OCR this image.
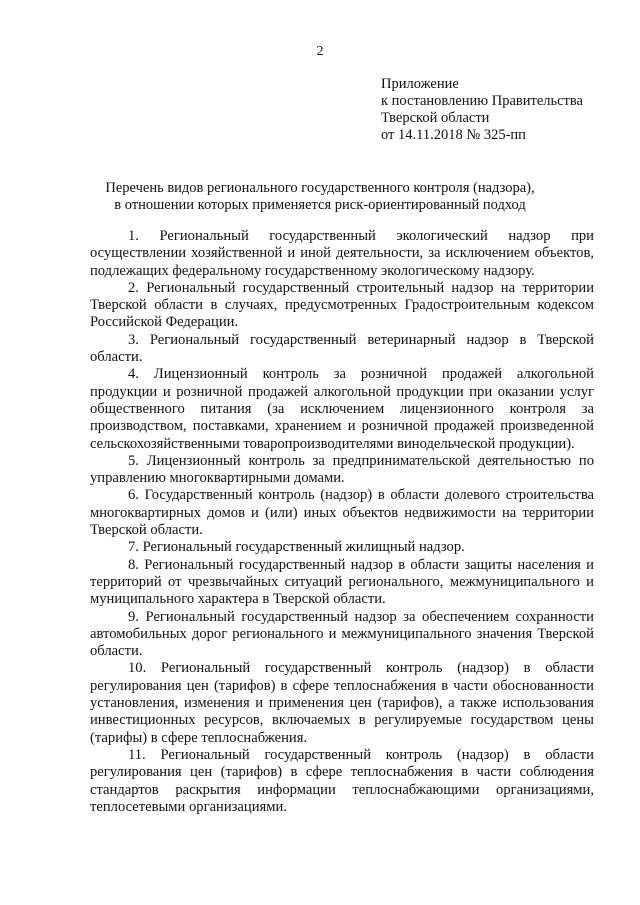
2

Приложение
к постановлению Правительства
Тверской области
от 14.11.2018 № 325-пп
Перечень видов регионального государственного контроля (надзора),
в отношении которых применяется риск-ориентированный подход
1. Региональный государственный экологический надзор при осуществлении хозяйственной и иной деятельности, за исключением объектов, подлежащих федеральному государственному экологическому надзору.
2. Региональный государственный строительный надзор на территории Тверской области в случаях, предусмотренных Градостроительным кодексом Российской Федерации.
3. Региональный государственный ветеринарный надзор в Тверской области.
4. Лицензионный контроль за розничной продажей алкогольной продукции и розничной продажей алкогольной продукции при оказании услуг общественного питания (за исключением лицензионного контроля за производством, поставками, хранением и розничной продажей произведенной сельскохозяйственными товаропроизводителями винодельческой продукции).
5. Лицензионный контроль за предпринимательской деятельностью по управлению многоквартирными домами.
6. Государственный контроль (надзор) в области долевого строительства многоквартирных домов и (или) иных объектов недвижимости на территории Тверской области.
7. Региональный государственный жилищный надзор.
8. Региональный государственный надзор в области защиты населения и территорий от чрезвычайных ситуаций регионального, межмуниципального и муниципального характера в Тверской области.
9. Региональный государственный надзор за обеспечением сохранности автомобильных дорог регионального и межмуниципального значения Тверской области.
10. Региональный государственный контроль (надзор) в области регулирования цен (тарифов) в сфере теплоснабжения в части обоснованности установления, изменения и применения цен (тарифов), а также использования инвестиционных ресурсов, включаемых в регулируемые государством цены (тарифы) в сфере теплоснабжения.
11. Региональный государственный контроль (надзор) в области регулирования цен (тарифов) в сфере теплоснабжения в части соблюдения стандартов раскрытия информации теплоснабжающими организациями, теплосетевыми организациями.
